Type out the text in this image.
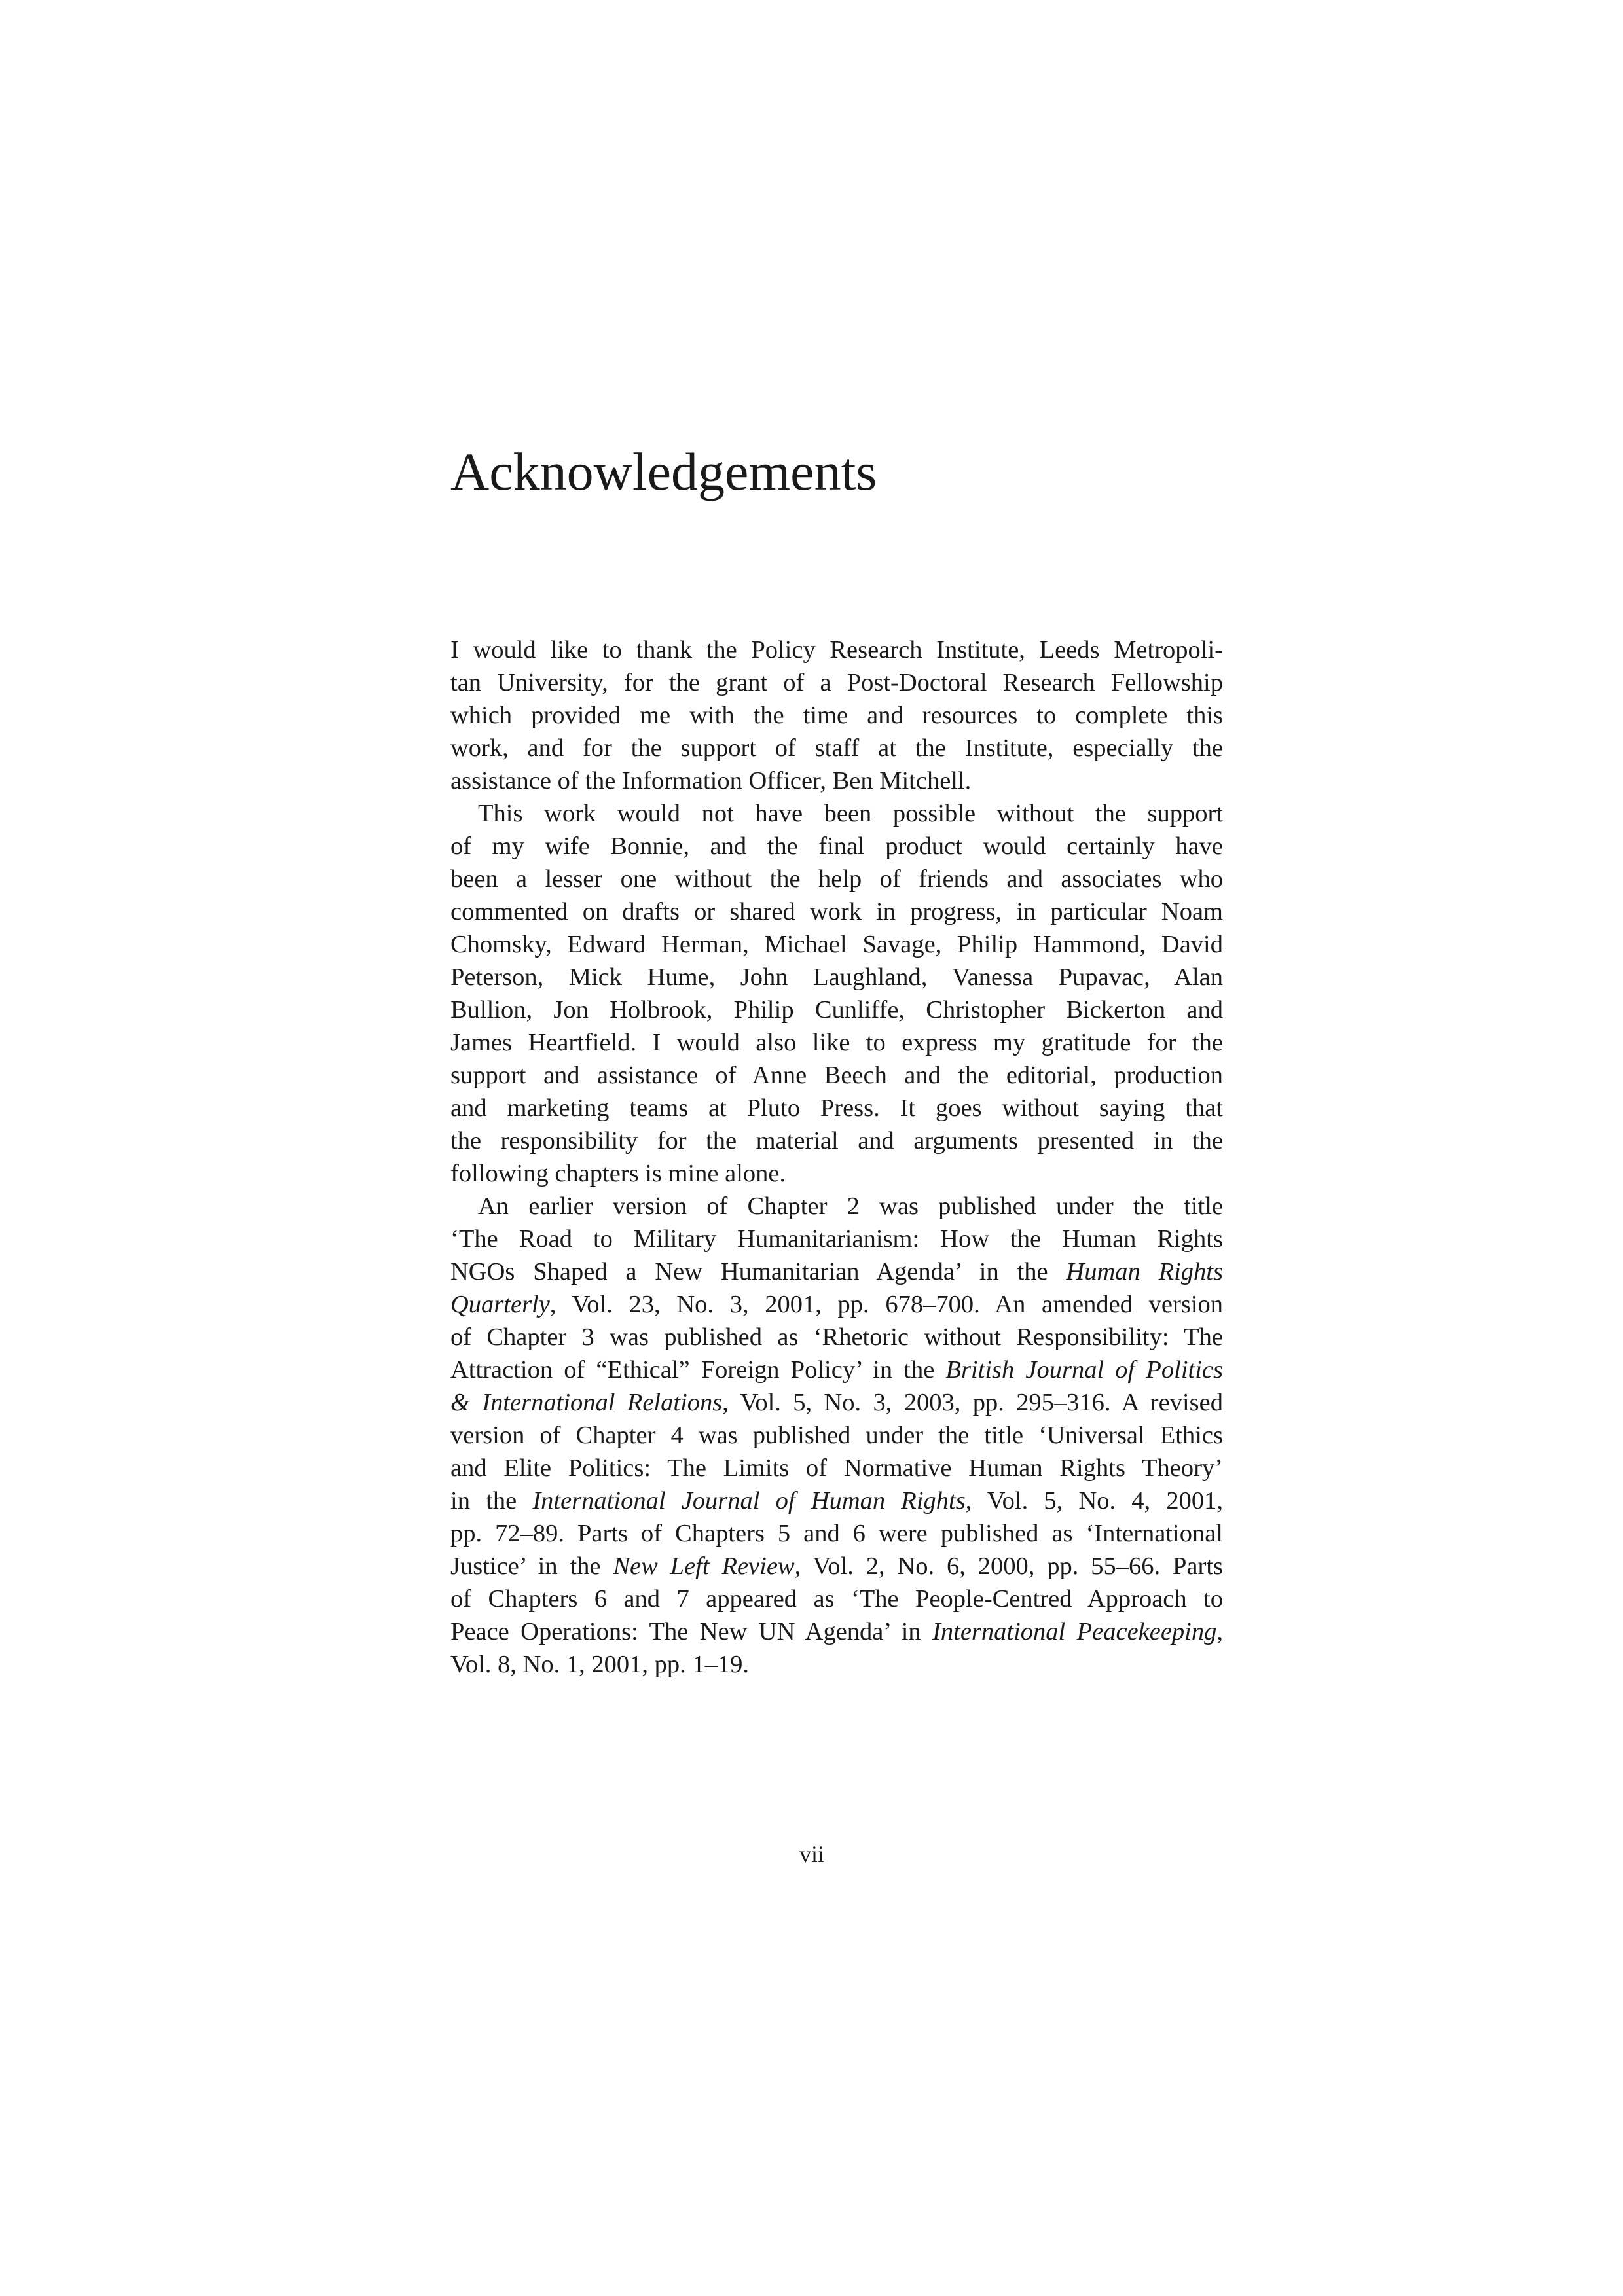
Acknowledgements
I would like to thank the Policy Research Institute, Leeds Metropoli-
tan University, for the grant of a Post-Doctoral Research Fellowship
which provided me with the time and resources to complete this
work, and for the support of staff at the Institute, especially the
assistance of the Information Officer, Ben Mitchell.
This work would not have been possible without the support
of my wife Bonnie, and the final product would certainly have
been a lesser one without the help of friends and associates who
commented on drafts or shared work in progress, in particular Noam
Chomsky, Edward Herman, Michael Savage, Philip Hammond, David
Peterson, Mick Hume, John Laughland, Vanessa Pupavac, Alan
Bullion, Jon Holbrook, Philip Cunliffe, Christopher Bickerton and
James Heartfield. I would also like to express my gratitude for the
support and assistance of Anne Beech and the editorial, production
and marketing teams at Pluto Press. It goes without saying that
the responsibility for the material and arguments presented in the
following chapters is mine alone.
An earlier version of Chapter 2 was published under the title
‘The Road to Military Humanitarianism: How the Human Rights
NGOs Shaped a New Humanitarian Agenda’ in the Human Rights
Quarterly, Vol. 23, No. 3, 2001, pp. 678–700. An amended version
of Chapter 3 was published as ‘Rhetoric without Responsibility: The
Attraction of “Ethical” Foreign Policy’ in the British Journal of Politics
& International Relations, Vol. 5, No. 3, 2003, pp. 295–316. A revised
version of Chapter 4 was published under the title ‘Universal Ethics
and Elite Politics: The Limits of Normative Human Rights Theory’
in the International Journal of Human Rights, Vol. 5, No. 4, 2001,
pp. 72–89. Parts of Chapters 5 and 6 were published as ‘International
Justice’ in the New Left Review, Vol. 2, No. 6, 2000, pp. 55–66. Parts
of Chapters 6 and 7 appeared as ‘The People-Centred Approach to
Peace Operations: The New UN Agenda’ in International Peacekeeping,
Vol. 8, No. 1, 2001, pp. 1–19.

vii
